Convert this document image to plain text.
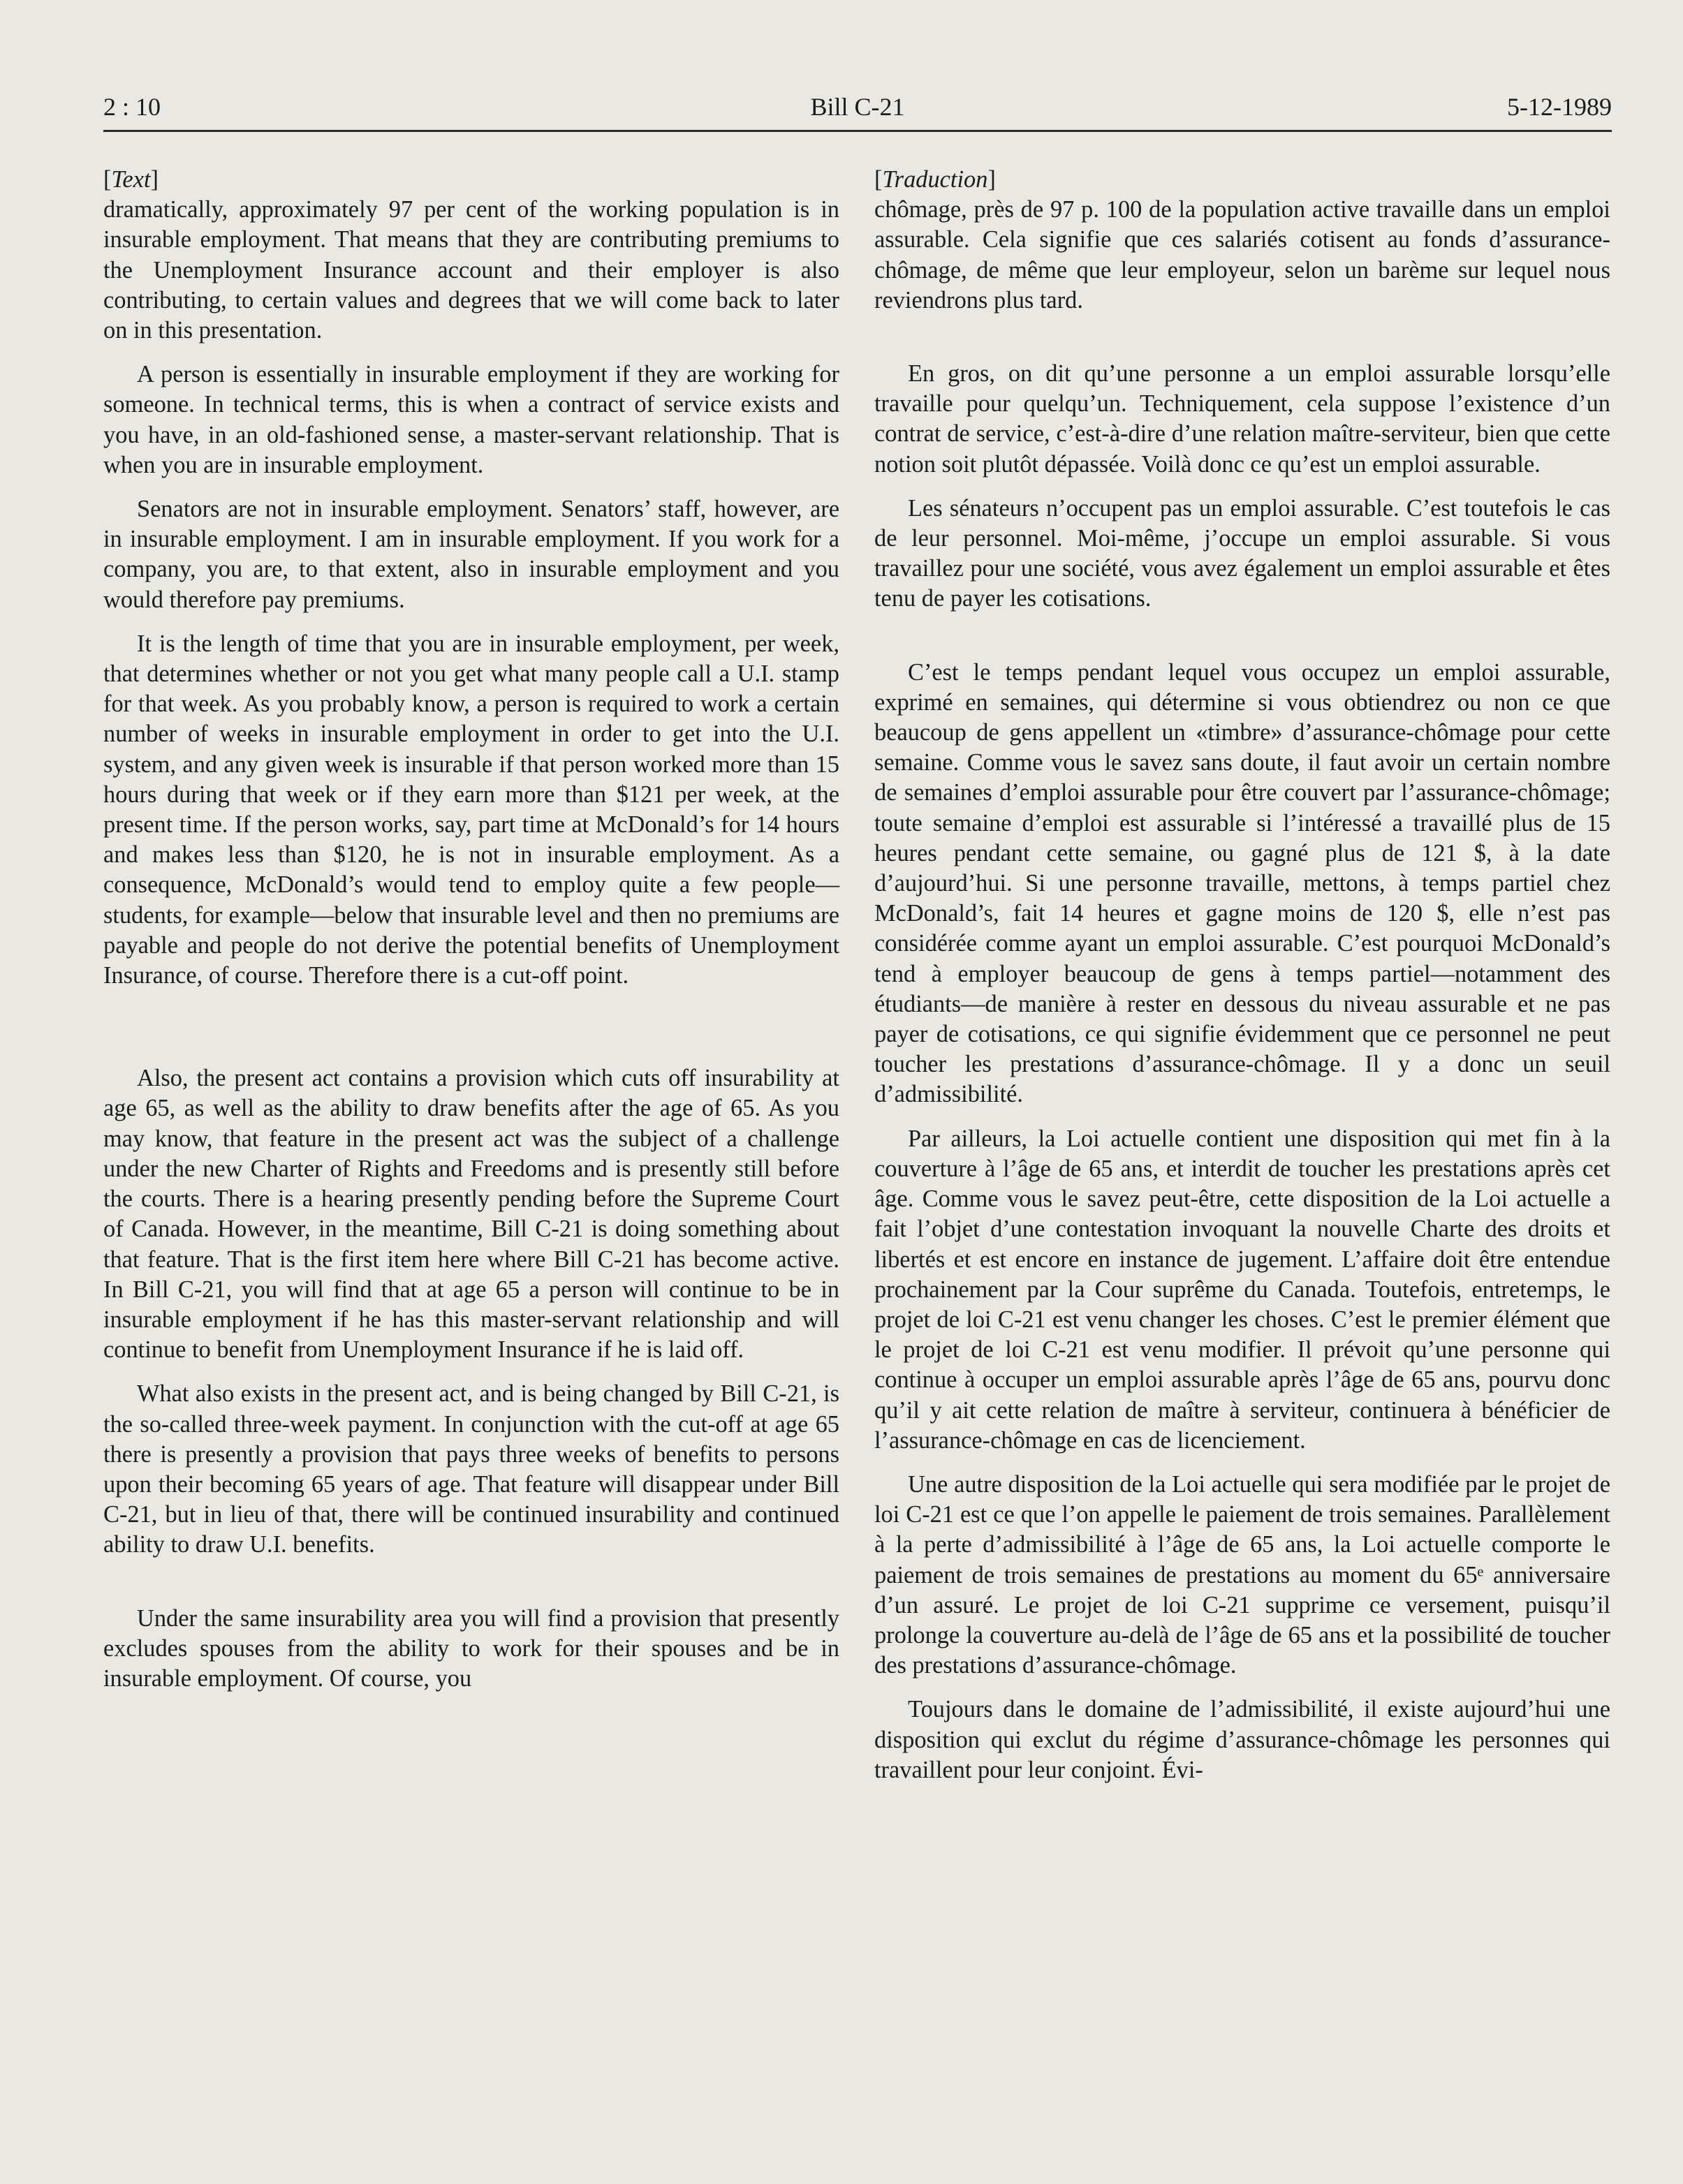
2 : 10	Bill C-21	5-12-1989
[Text]

dramatically, approximately 97 per cent of the working population is in insurable employment. That means that they are contributing premiums to the Unemployment Insurance account and their employer is also contributing, to certain values and degrees that we will come back to later on in this presentation.

A person is essentially in insurable employment if they are working for someone. In technical terms, this is when a contract of service exists and you have, in an old-fashioned sense, a master-servant relationship. That is when you are in insurable employment.

Senators are not in insurable employment. Senators’ staff, however, are in insurable employment. I am in insurable employment. If you work for a company, you are, to that extent, also in insurable employment and you would therefore pay premiums.

It is the length of time that you are in insurable employment, per week, that determines whether or not you get what many people call a U.I. stamp for that week. As you probably know, a person is required to work a certain number of weeks in insurable employment in order to get into the U.I. system, and any given week is insurable if that person worked more than 15 hours during that week or if they earn more than $121 per week, at the present time. If the person works, say, part time at McDonald’s for 14 hours and makes less than $120, he is not in insurable employment. As a consequence, McDonald’s would tend to employ quite a few people—students, for example—below that insurable level and then no premiums are payable and people do not derive the potential benefits of Unemployment Insurance, of course. Therefore there is a cut-off point.

Also, the present act contains a provision which cuts off insurability at age 65, as well as the ability to draw benefits after the age of 65. As you may know, that feature in the present act was the subject of a challenge under the new Charter of Rights and Freedoms and is presently still before the courts. There is a hearing presently pending before the Supreme Court of Canada. However, in the meantime, Bill C-21 is doing something about that feature. That is the first item here where Bill C-21 has become active. In Bill C-21, you will find that at age 65 a person will continue to be in insurable employment if he has this master-servant relationship and will continue to benefit from Unemployment Insurance if he is laid off.

What also exists in the present act, and is being changed by Bill C-21, is the so-called three-week payment. In conjunction with the cut-off at age 65 there is presently a provision that pays three weeks of benefits to persons upon their becoming 65 years of age. That feature will disappear under Bill C-21, but in lieu of that, there will be continued insurability and continued ability to draw U.I. benefits.

Under the same insurability area you will find a provision that presently excludes spouses from the ability to work for their spouses and be in insurable employment. Of course, you

[Traduction]

chômage, près de 97 p. 100 de la population active travaille dans un emploi assurable. Cela signifie que ces salariés cotisent au fonds d’assurance-chômage, de même que leur employeur, selon un barème sur lequel nous reviendrons plus tard.

En gros, on dit qu’une personne a un emploi assurable lorsqu’elle travaille pour quelqu’un. Techniquement, cela suppose l’existence d’un contrat de service, c’est-à-dire d’une relation maître-serviteur, bien que cette notion soit plutôt dépassée. Voilà donc ce qu’est un emploi assurable.

Les sénateurs n’occupent pas un emploi assurable. C’est toutefois le cas de leur personnel. Moi-même, j’occupe un emploi assurable. Si vous travaillez pour une société, vous avez également un emploi assurable et êtes tenu de payer les cotisations.

C’est le temps pendant lequel vous occupez un emploi assurable, exprimé en semaines, qui détermine si vous obtiendrez ou non ce que beaucoup de gens appellent un «timbre» d’assurance-chômage pour cette semaine. Comme vous le savez sans doute, il faut avoir un certain nombre de semaines d’emploi assurable pour être couvert par l’assurance-chômage; toute semaine d’emploi est assurable si l’intéressé a travaillé plus de 15 heures pendant cette semaine, ou gagné plus de 121 $, à la date d’aujourd’hui. Si une personne travaille, mettons, à temps partiel chez McDonald’s, fait 14 heures et gagne moins de 120 $, elle n’est pas considérée comme ayant un emploi assurable. C’est pourquoi McDonald’s tend à employer beaucoup de gens à temps partiel—notamment des étudiants—de manière à rester en dessous du niveau assurable et ne pas payer de cotisations, ce qui signifie évidemment que ce personnel ne peut toucher les prestations d’assurance-chômage. Il y a donc un seuil d’admissibilité.

Par ailleurs, la Loi actuelle contient une disposition qui met fin à la couverture à l’âge de 65 ans, et interdit de toucher les prestations après cet âge. Comme vous le savez peut-être, cette disposition de la Loi actuelle a fait l’objet d’une contestation invoquant la nouvelle Charte des droits et libertés et est encore en instance de jugement. L’affaire doit être entendue prochainement par la Cour suprême du Canada. Toutefois, entretemps, le projet de loi C-21 est venu changer les choses. C’est le premier élément que le projet de loi C-21 est venu modifier. Il prévoit qu’une personne qui continue à occuper un emploi assurable après l’âge de 65 ans, pourvu donc qu’il y ait cette relation de maître à serviteur, continuera à bénéficier de l’assurance-chômage en cas de licenciement.

Une autre disposition de la Loi actuelle qui sera modifiée par le projet de loi C-21 est ce que l’on appelle le paiement de trois semaines. Parallèlement à la perte d’admissibilité à l’âge de 65 ans, la Loi actuelle comporte le paiement de trois semaines de prestations au moment du 65ᵉ anniversaire d’un assuré. Le projet de loi C-21 supprime ce versement, puisqu’il prolonge la couverture au-delà de l’âge de 65 ans et la possibilité de toucher des prestations d’assurance-chômage.

Toujours dans le domaine de l’admissibilité, il existe aujourd’hui une disposition qui exclut du régime d’assurance-chômage les personnes qui travaillent pour leur conjoint. Évi-
